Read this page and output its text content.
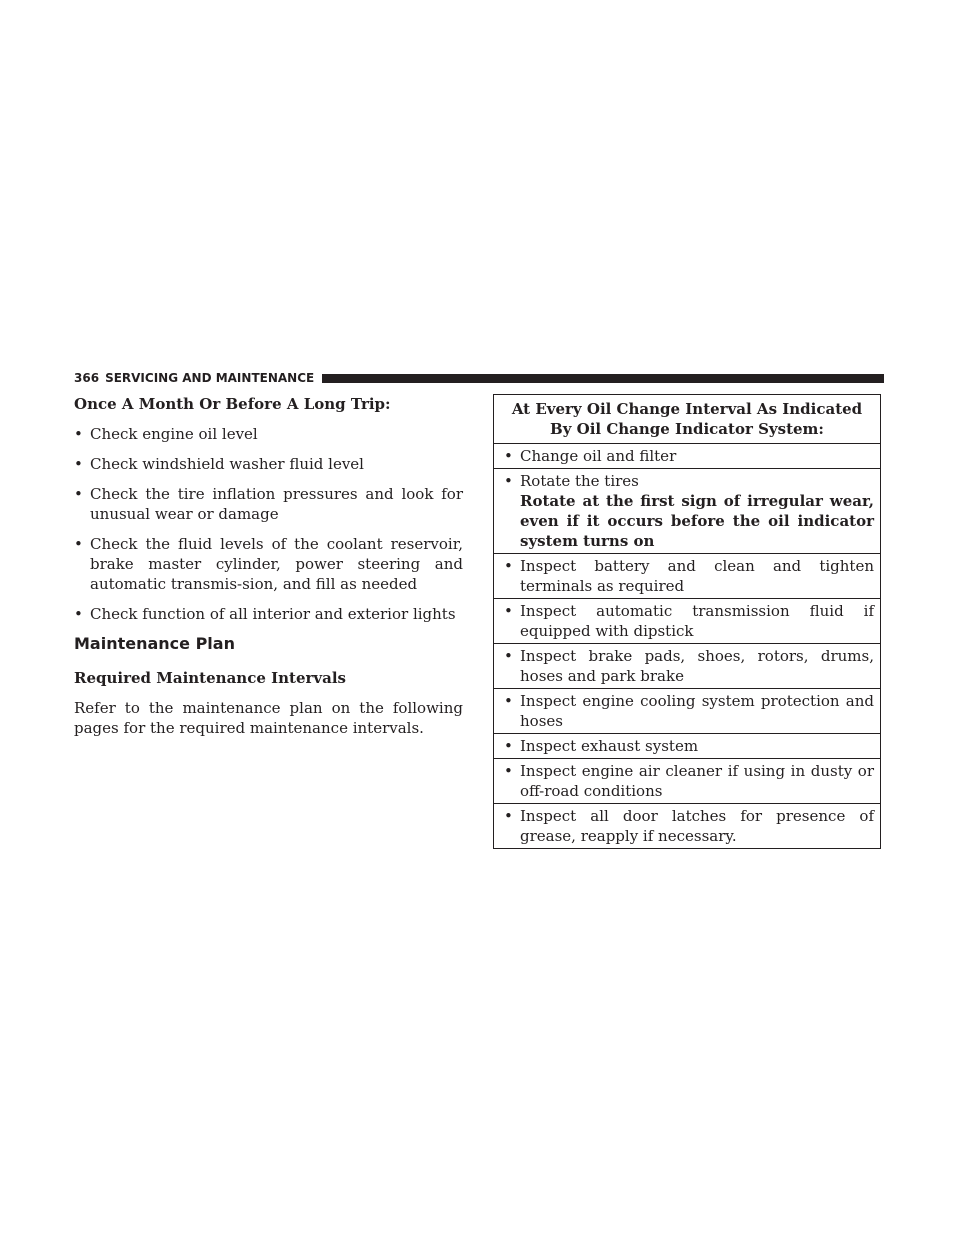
366 SERVICING AND MAINTENANCE
Once A Month Or Before A Long Trip:
• Check engine oil level
• Check windshield washer fluid level
• Check the tire inflation pressures and look for unusual wear or damage
• Check the fluid levels of the coolant reservoir, brake master cylinder, power steering and automatic transmis-sion, and fill as needed
• Check function of all interior and exterior lights
Maintenance Plan
Required Maintenance Intervals

Refer to the maintenance plan on the following pages for the required maintenance intervals.

At Every Oil Change Interval As Indicated By Oil Change Indicator System:
• Change oil and filter
• Rotate the tires
Rotate at the first sign of irregular wear, even if it occurs before the oil indicator system turns on
• Inspect battery and clean and tighten terminals as required
• Inspect automatic transmission fluid if equipped with dipstick
• Inspect brake pads, shoes, rotors, drums, hoses and park brake
• Inspect engine cooling system protection and hoses
• Inspect exhaust system
• Inspect engine air cleaner if using in dusty or off-road conditions
• Inspect all door latches for presence of grease, reapply if necessary.
